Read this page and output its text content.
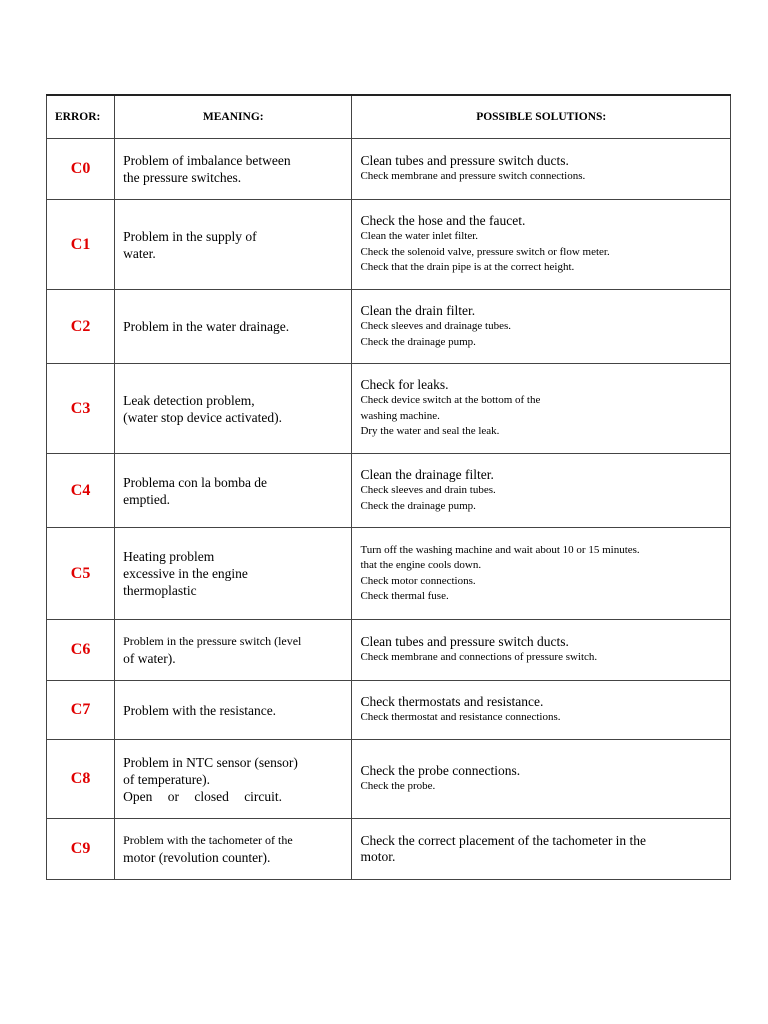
ERROR:	MEANING:	POSSIBLE SOLUTIONS:
C0	Problem of imbalance between
the pressure switches.	Clean tubes and pressure switch ducts.
Check membrane and pressure switch connections.

C1	Problem in the supply of
water.	Check the hose and the faucet.
Clean the water inlet filter.
Check the solenoid valve, pressure switch or flow meter.
Check that the drain pipe is at the correct height.

C2	Problem in the water drainage.	Clean the drain filter.
Check sleeves and drainage tubes.
Check the drainage pump.

C3	Leak detection problem,
(water stop device activated).	Check for leaks.
Check device switch at the bottom of the
washing machine.
Dry the water and seal the leak.

C4	Problema con la bomba de
emptied.	Clean the drainage filter.
Check sleeves and drain tubes.
Check the drainage pump.

C5	Heating problem
excessive in the engine
thermoplastic	Turn off the washing machine and wait about 10 or 15 minutes.
that the engine cools down.
Check motor connections.
Check thermal fuse.

C6	Problem in the pressure switch (level
of water).	Clean tubes and pressure switch ducts.
Check membrane and connections of pressure switch.

C7	Problem with the resistance.	Check thermostats and resistance.
Check thermostat and resistance connections.

C8	Problem in NTC sensor (sensor)
of temperature).
Open or closed circuit.	Check the probe connections.
Check the probe.

C9	Problem with the tachometer of the
motor (revolution counter).	Check the correct placement of the tachometer in the
motor.
